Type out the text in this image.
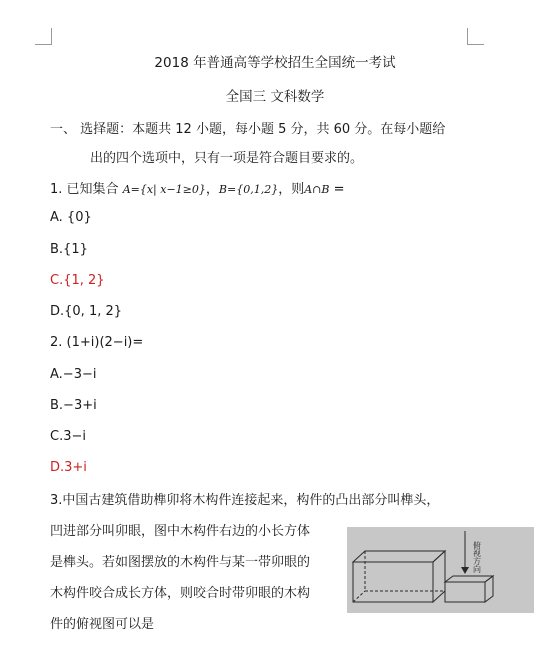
2018 年普通高等学校招生全国统一考试
全国三 文科数学
一、 选择题：本题共 12 小题，每小题 5 分，共 60 分。在每小题给
出的四个选项中，只有一项是符合题目要求的。
1. 已知集合 A={x| x−1≥0}，B={0,1,2}，则A∩B =
A. {0}
B.{1}
C.{1, 2}
D.{0, 1, 2}
2. (1+i)(2−i)=
A.−3−i
B.−3+i
C.3−i
D.3+i
3.中国古建筑借助榫卯将木构件连接起来，构件的凸出部分叫榫头，
凹进部分叫卯眼，图中木构件右边的小长方体
是榫头。若如图摆放的木构件与某一带卯眼的
木构件咬合成长方体，则咬合时带卯眼的木构
件的俯视图可以是
俯视方向
